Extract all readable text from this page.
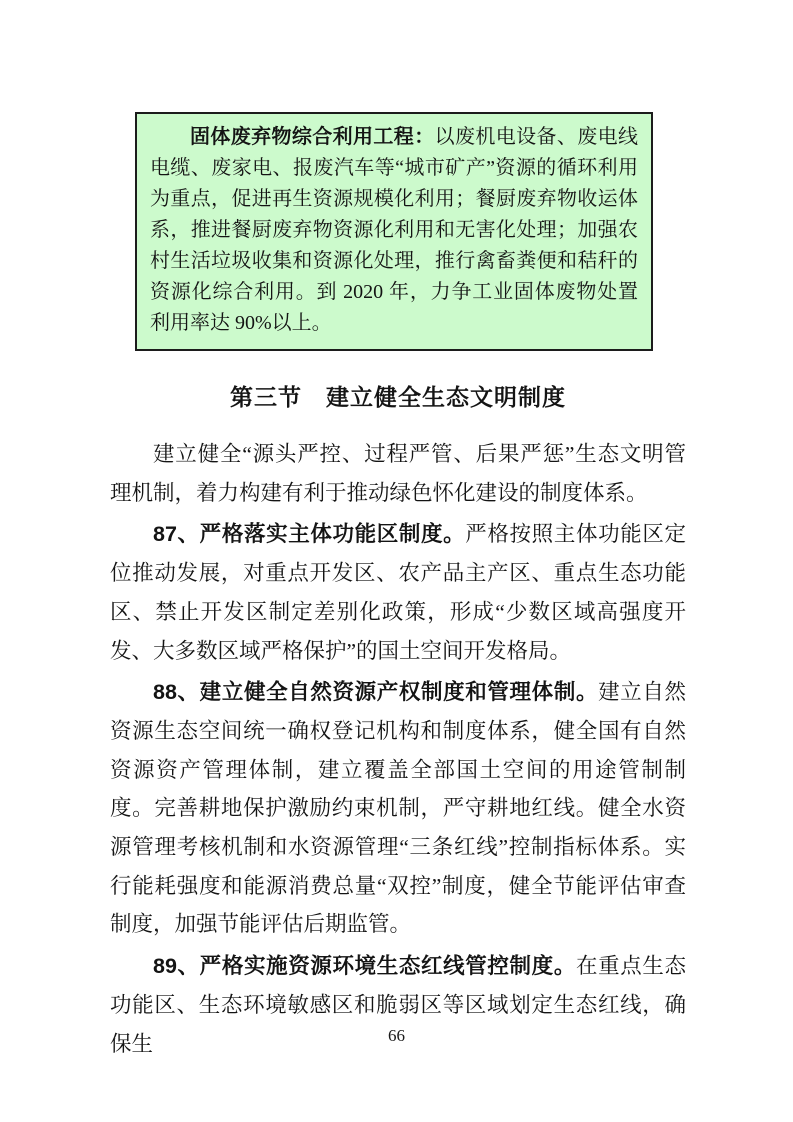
固体废弃物综合利用工程：以废机电设备、废电线电缆、废家电、报废汽车等“城市矿产”资源的循环利用为重点，促进再生资源规模化利用；餐厨废弃物收运体系，推进餐厨废弃物资源化利用和无害化处理；加强农村生活垃圾收集和资源化处理，推行禽畜粪便和秸秆的资源化综合利用。到 2020 年，力争工业固体废物处置利用率达 90%以上。

第三节　建立健全生态文明制度

建立健全“源头严控、过程严管、后果严惩”生态文明管理机制，着力构建有利于推动绿色怀化建设的制度体系。

87、严格落实主体功能区制度。严格按照主体功能区定位推动发展，对重点开发区、农产品主产区、重点生态功能区、禁止开发区制定差别化政策，形成“少数区域高强度开发、大多数区域严格保护”的国土空间开发格局。

88、建立健全自然资源产权制度和管理体制。建立自然资源生态空间统一确权登记机构和制度体系，健全国有自然资源资产管理体制，建立覆盖全部国土空间的用途管制制度。完善耕地保护激励约束机制，严守耕地红线。健全水资源管理考核机制和水资源管理“三条红线”控制指标体系。实行能耗强度和能源消费总量“双控”制度，健全节能评估审查制度，加强节能评估后期监管。

89、严格实施资源环境生态红线管控制度。在重点生态功能区、生态环境敏感区和脆弱区等区域划定生态红线，确保生	66
